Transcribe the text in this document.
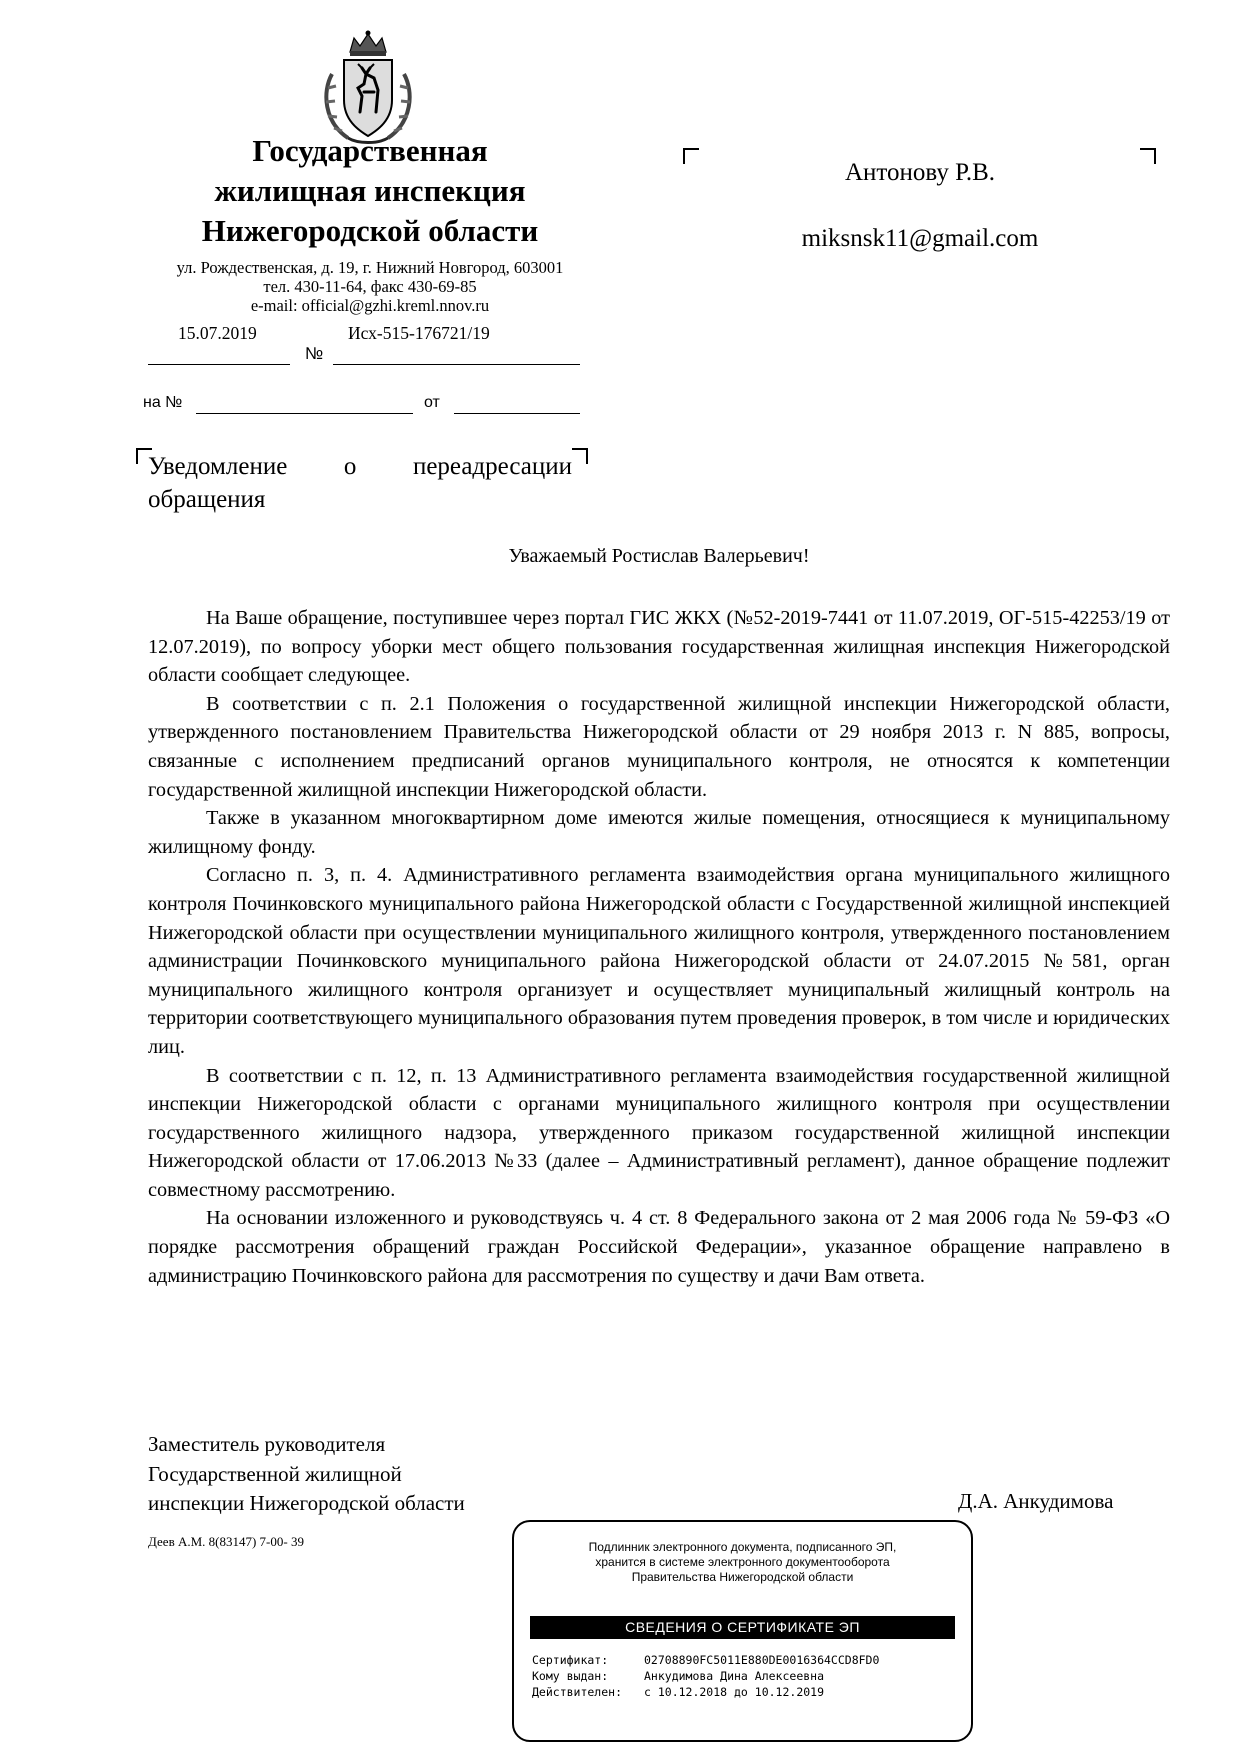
Государственная
жилищная инспекция
Нижегородской области
ул. Рождественская, д. 19, г. Нижний Новгород, 603001
тел. 430-11-64, факс 430-69-85
e-mail: official@gzhi.kreml.nnov.ru
15.07.2019	Исх-515-176721/19
№
на №	от
Антонову Р.В.
miksnsk11@gmail.com
Уведомление о переадресации
обращения
Уважаемый Ростислав Валерьевич!

На Ваше обращение, поступившее через портал ГИС ЖКХ (№52-2019-7441 от 11.07.2019, ОГ-515-42253/19 от 12.07.2019), по вопросу уборки мест общего пользования государственная жилищная инспекция Нижегородской области сообщает следующее.

В соответствии с п. 2.1 Положения о государственной жилищной инспекции Нижегородской области, утвержденного постановлением Правительства Нижегородской области от 29 ноября 2013 г. N 885, вопросы, связанные с исполнением предписаний органов муниципального контроля, не относятся к компетенции государственной жилищной инспекции Нижегородской области.

Также в указанном многоквартирном доме имеются жилые помещения, относящиеся к муниципальному жилищному фонду.

Согласно п. 3, п. 4. Административного регламента взаимодействия органа муниципального жилищного контроля Починковского муниципального района Нижегородской области с Государственной жилищной инспекцией Нижегородской области при осуществлении муниципального жилищного контроля, утвержденного постановлением администрации Починковского муниципального района Нижегородской области от 24.07.2015 №581, орган муниципального жилищного контроля организует и осуществляет муниципальный жилищный контроль на территории соответствующего муниципального образования путем проведения проверок, в том числе и юридических лиц.

В соответствии с п. 12, п. 13 Административного регламента взаимодействия государственной жилищной инспекции Нижегородской области с органами муниципального жилищного контроля при осуществлении государственного жилищного надзора, утвержденного приказом государственной жилищной инспекции Нижегородской области от 17.06.2013 №33 (далее – Административный регламент), данное обращение подлежит совместному рассмотрению.

На основании изложенного и руководствуясь ч. 4 ст. 8 Федерального закона от 2 мая 2006 года № 59-ФЗ «О порядке рассмотрения обращений граждан Российской Федерации», указанное обращение направлено в администрацию Починковского района для рассмотрения по существу и дачи Вам ответа.

Заместитель руководителя
Государственной жилищной
инспекции Нижегородской области	Д.А. Анкудимова
Деев А.М. 8(83147) 7-00- 39	Подлинник электронного документа, подписанного ЭП,
хранится в системе электронного документооборота
Правительства Нижегородской области
СВЕДЕНИЯ О СЕРТИФИКАТЕ ЭП
Сертификат:	02708890FC5011E880DE0016364CCD8FD0
Кому выдан:	Анкудимова Дина Алексеевна
Действителен: с 10.12.2018 до 10.12.2019
